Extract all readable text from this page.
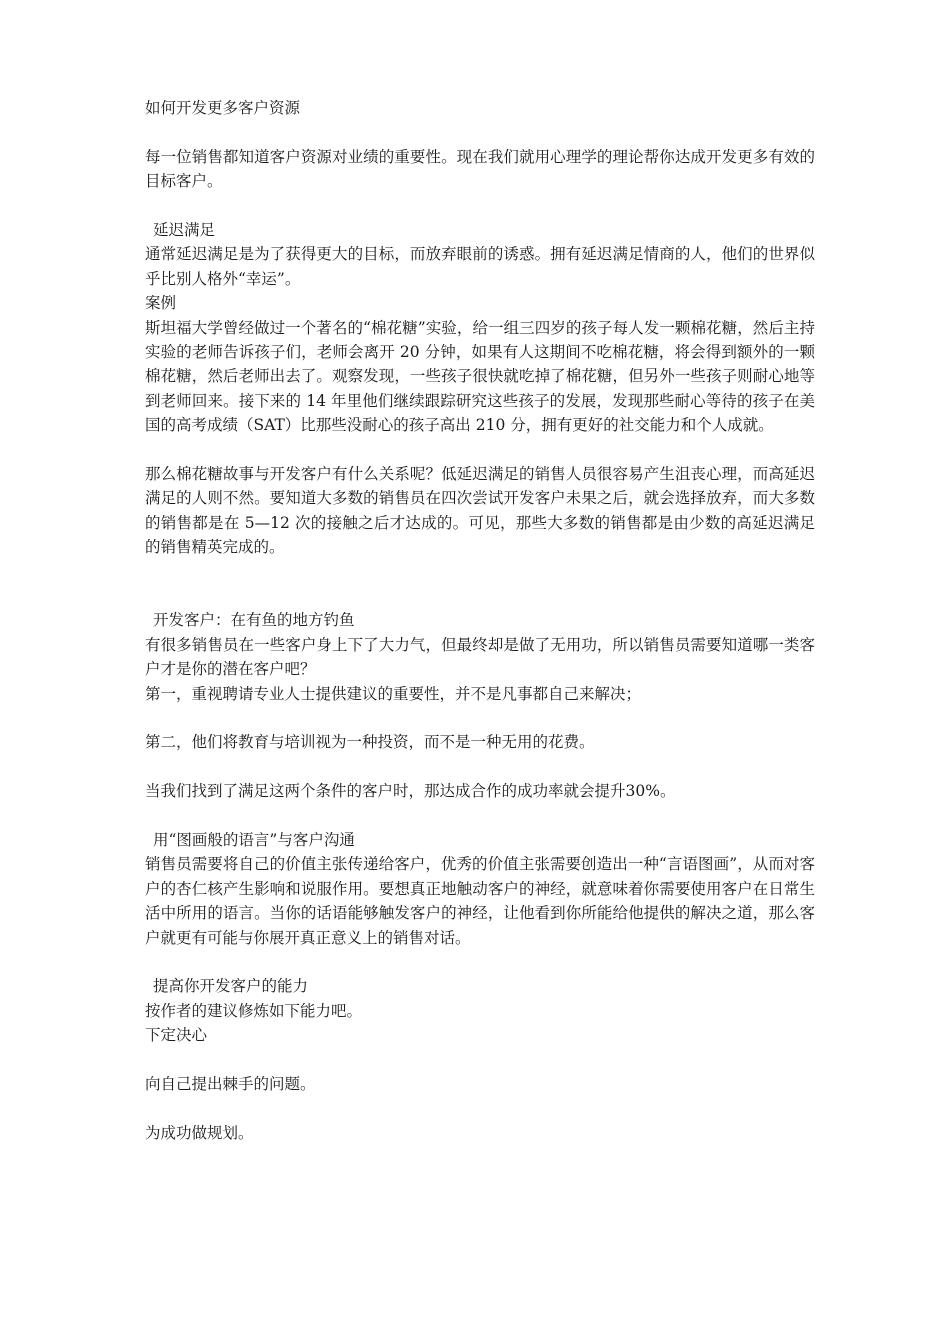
如何开发更多客户资源
每一位销售都知道客户资源对业绩的重要性。现在我们就用心理学的理论帮你达成开发更多有效的目标客户。
延迟满足
通常延迟满足是为了获得更大的目标，而放弃眼前的诱惑。拥有延迟满足情商的人，他们的世界似乎比别人格外“幸运”。
案例
斯坦福大学曾经做过一个著名的“棉花糖”实验，给一组三四岁的孩子每人发一颗棉花糖，然后主持实验的老师告诉孩子们，老师会离开 20 分钟，如果有人这期间不吃棉花糖，将会得到额外的一颗棉花糖，然后老师出去了。观察发现，一些孩子很快就吃掉了棉花糖，但另外一些孩子则耐心地等到老师回来。接下来的 14 年里他们继续跟踪研究这些孩子的发展，发现那些耐心等待的孩子在美国的高考成绩（SAT）比那些没耐心的孩子高出 210 分，拥有更好的社交能力和个人成就。
那么棉花糖故事与开发客户有什么关系呢？低延迟满足的销售人员很容易产生沮丧心理，而高延迟满足的人则不然。要知道大多数的销售员在四次尝试开发客户未果之后，就会选择放弃，而大多数的销售都是在 5—12 次的接触之后才达成的。可见，那些大多数的销售都是由少数的高延迟满足的销售精英完成的。
开发客户：在有鱼的地方钓鱼
有很多销售员在一些客户身上下了大力气，但最终却是做了无用功，所以销售员需要知道哪一类客户才是你的潜在客户吧？
第一，重视聘请专业人士提供建议的重要性，并不是凡事都自己来解决；
第二，他们将教育与培训视为一种投资，而不是一种无用的花费。
当我们找到了满足这两个条件的客户时，那达成合作的成功率就会提升30%。
用“图画般的语言”与客户沟通
销售员需要将自己的价值主张传递给客户，优秀的价值主张需要创造出一种“言语图画”，从而对客户的杏仁核产生影响和说服作用。要想真正地触动客户的神经，就意味着你需要使用客户在日常生活中所用的语言。当你的话语能够触发客户的神经，让他看到你所能给他提供的解决之道，那么客户就更有可能与你展开真正意义上的销售对话。
提高你开发客户的能力
按作者的建议修炼如下能力吧。
下定决心
向自己提出棘手的问题。
为成功做规划。
